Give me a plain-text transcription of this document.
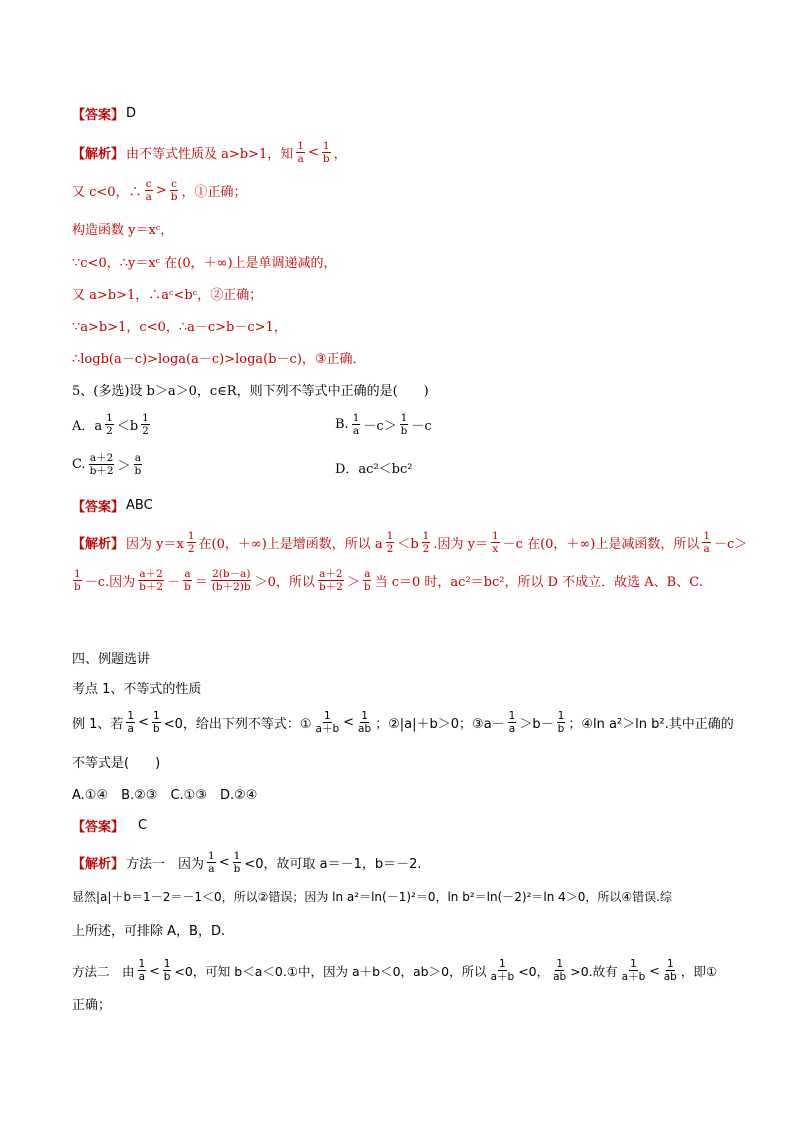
【答案】 D
【解析】 由不等式性质及 a>b>1，知 $\frac{1}{a} < \frac{1}{b}$ ，
又 c<0，∴ $\frac{c}{a} > \frac{c}{b}$ ，①正确；
构造函数 y＝xᶜ，
∵c<0，∴y＝xᶜ 在(0，＋∞)上是单调递减的，
又 a>b>1，∴aᶜ<bᶜ，②正确；
∵a>b>1，c<0，∴a－c>b－c>1，
∴logb(a－c)>loga(a－c)>loga(b－c)，③正确．
5、(多选)设 b＞a＞0，c∈R，则下列不等式中正确的是(　　)
A．a $\frac{1}{2} <b \frac{1}{2}$	B. $\frac{1}{a} -c> \frac{1}{b} -c$
C. $\frac{a+2}{b+2} > \frac{a}{b}$	D．ac²＜bc²
【答案】 ABC
【解析】 因为 $y=x \frac{1}{2}$ 在(0，＋∞)上是增函数，所以 a $\frac{1}{2} <b \frac{1}{2}$ .因为 $y= \frac{1}{x} -c$ 在(0，＋∞)上是减函数，所以 $\frac{1}{a} -c>$
$\frac{1}{b} -c$.因为 $\frac{a+2}{b+2} - \frac{a}{b} = \frac{2(b-a)}{(b+2)b} >0$，所以 $\frac{a+2}{b+2} > \frac{a}{b}$ 当 c＝0 时，ac²＝bc²，所以 D 不成立．故选 A、B、C.
四、例题选讲
考点 1、不等式的性质
例 1、若 $\frac{1}{a} < \frac{1}{b} <0$，给出下列不等式：① $\frac{1}{a+b} < \frac{1}{ab}$ ；②|a|＋b＞0；③a－ $\frac{1}{a} >b- \frac{1}{b}$ ；④ln a²＞ln b².其中正确的
不等式是(　　)
A.①④　B.②③　C.①③　D.②④
【答案】 C
【解析】 方法一　因为 $\frac{1}{a} < \frac{1}{b} <0$，故可取 a＝－1，b＝－2.
显然|a|＋b＝1－2＝－1＜0，所以②错误；因为 ln a²＝ln(－1)²＝0，ln b²＝ln(－2)²＝ln 4＞0，所以④错误.综
上所述，可排除 A，B，D.
方法二　由 $\frac{1}{a} < \frac{1}{b} <0$，可知 b＜a＜0.①中，因为 a＋b＜0，ab＞0，所以 $\frac{1}{a+b} <0$， $\frac{1}{ab} >0$.故有 $\frac{1}{a+b} < \frac{1}{ab}$ ，即①
正确；
